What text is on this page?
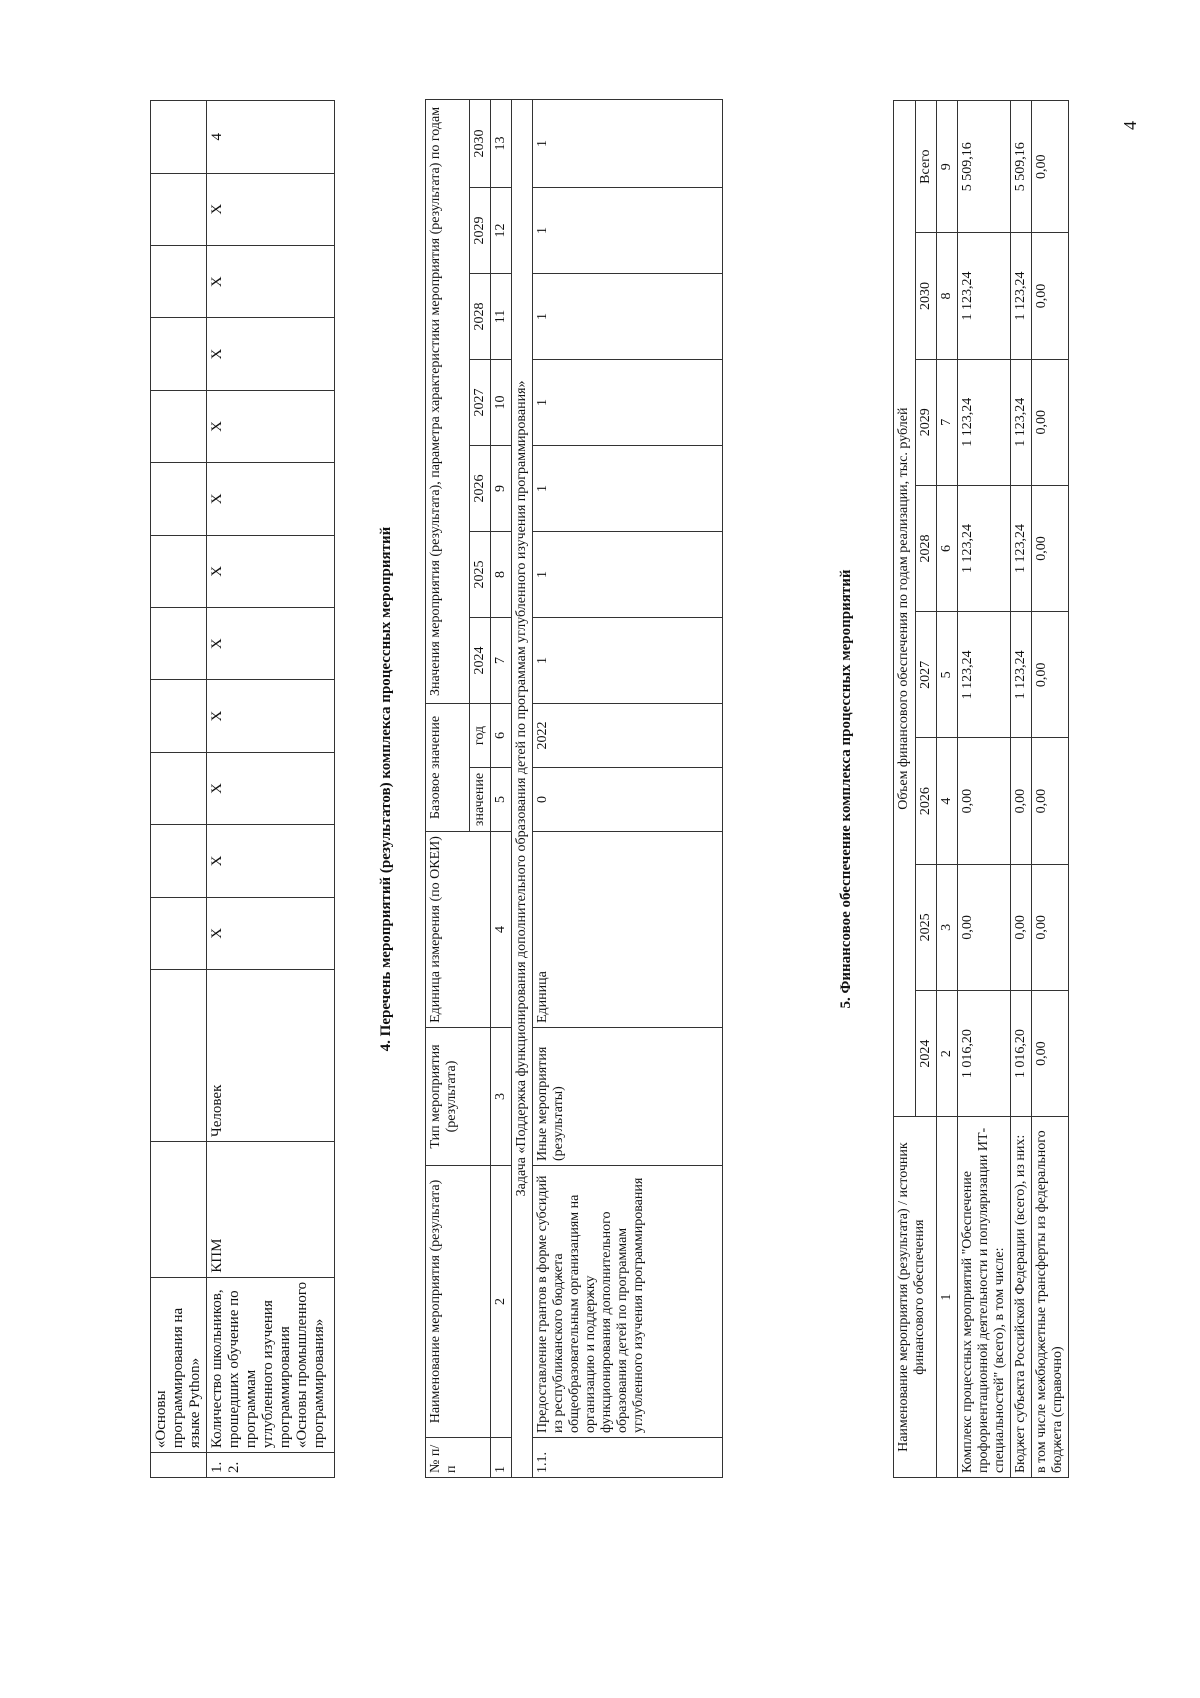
	«Основы программирования на языке Python»														
1.2.	Количество школьников, прошедших обучение по программам углубленного изучения программирования «Основы промышленного программирования»	КПМ	Человек	X	X	X	X	X	X	X	X	X	X	X	4
4. Перечень мероприятий (результатов) комплекса процессных мероприятий
№ п/п	Наименование мероприятия (результата)	Тип мероприятия (результата)	Единица измерения (по ОКЕИ)	Базовое значение		Значения мероприятия (результата), параметра характеристики мероприятия (результата) по годам						
				значение	год	2024	2025	2026	2027	2028	2029	2030
1	2	3	4	5	6	7	8	9	10	11	12	13
Задача «Поддержка функционирования дополнительного образования детей по программам углубленного изучения программирования»												
1.1.	Предоставление грантов в форме субсидий из республиканского бюджета общеобразовательным организациям на организацию и поддержку функционирования дополнительного образования детей по программам углубленного изучения программирования	Иные мероприятия (результаты)	Единица	0	2022	1	1	1	1	1	1	1
5. Финансовое обеспечение комплекса процессных мероприятий
Наименование мероприятия (результата) / источник финансового обеспечения	Объем финансового обеспечения по годам реализации, тыс. рублей							
	2024	2025	2026	2027	2028	2029	2030	Всего
1	2	3	4	5	6	7	8	9
Комплекс процессных мероприятий "Обеспечение профориентационной деятельности и популяризации ИТ-специальностей" (всего), в том числе:	1 016,20	0,00	0,00	1 123,24	1 123,24	1 123,24	1 123,24	5 509,16
Бюджет субъекта Российской Федерации (всего), из них:	1 016,20	0,00	0,00	1 123,24	1 123,24	1 123,24	1 123,24	5 509,16
в том числе межбюджетные трансферты из федерального бюджета (справочно)	0,00	0,00	0,00	0,00	0,00	0,00	0,00	0,00
4
